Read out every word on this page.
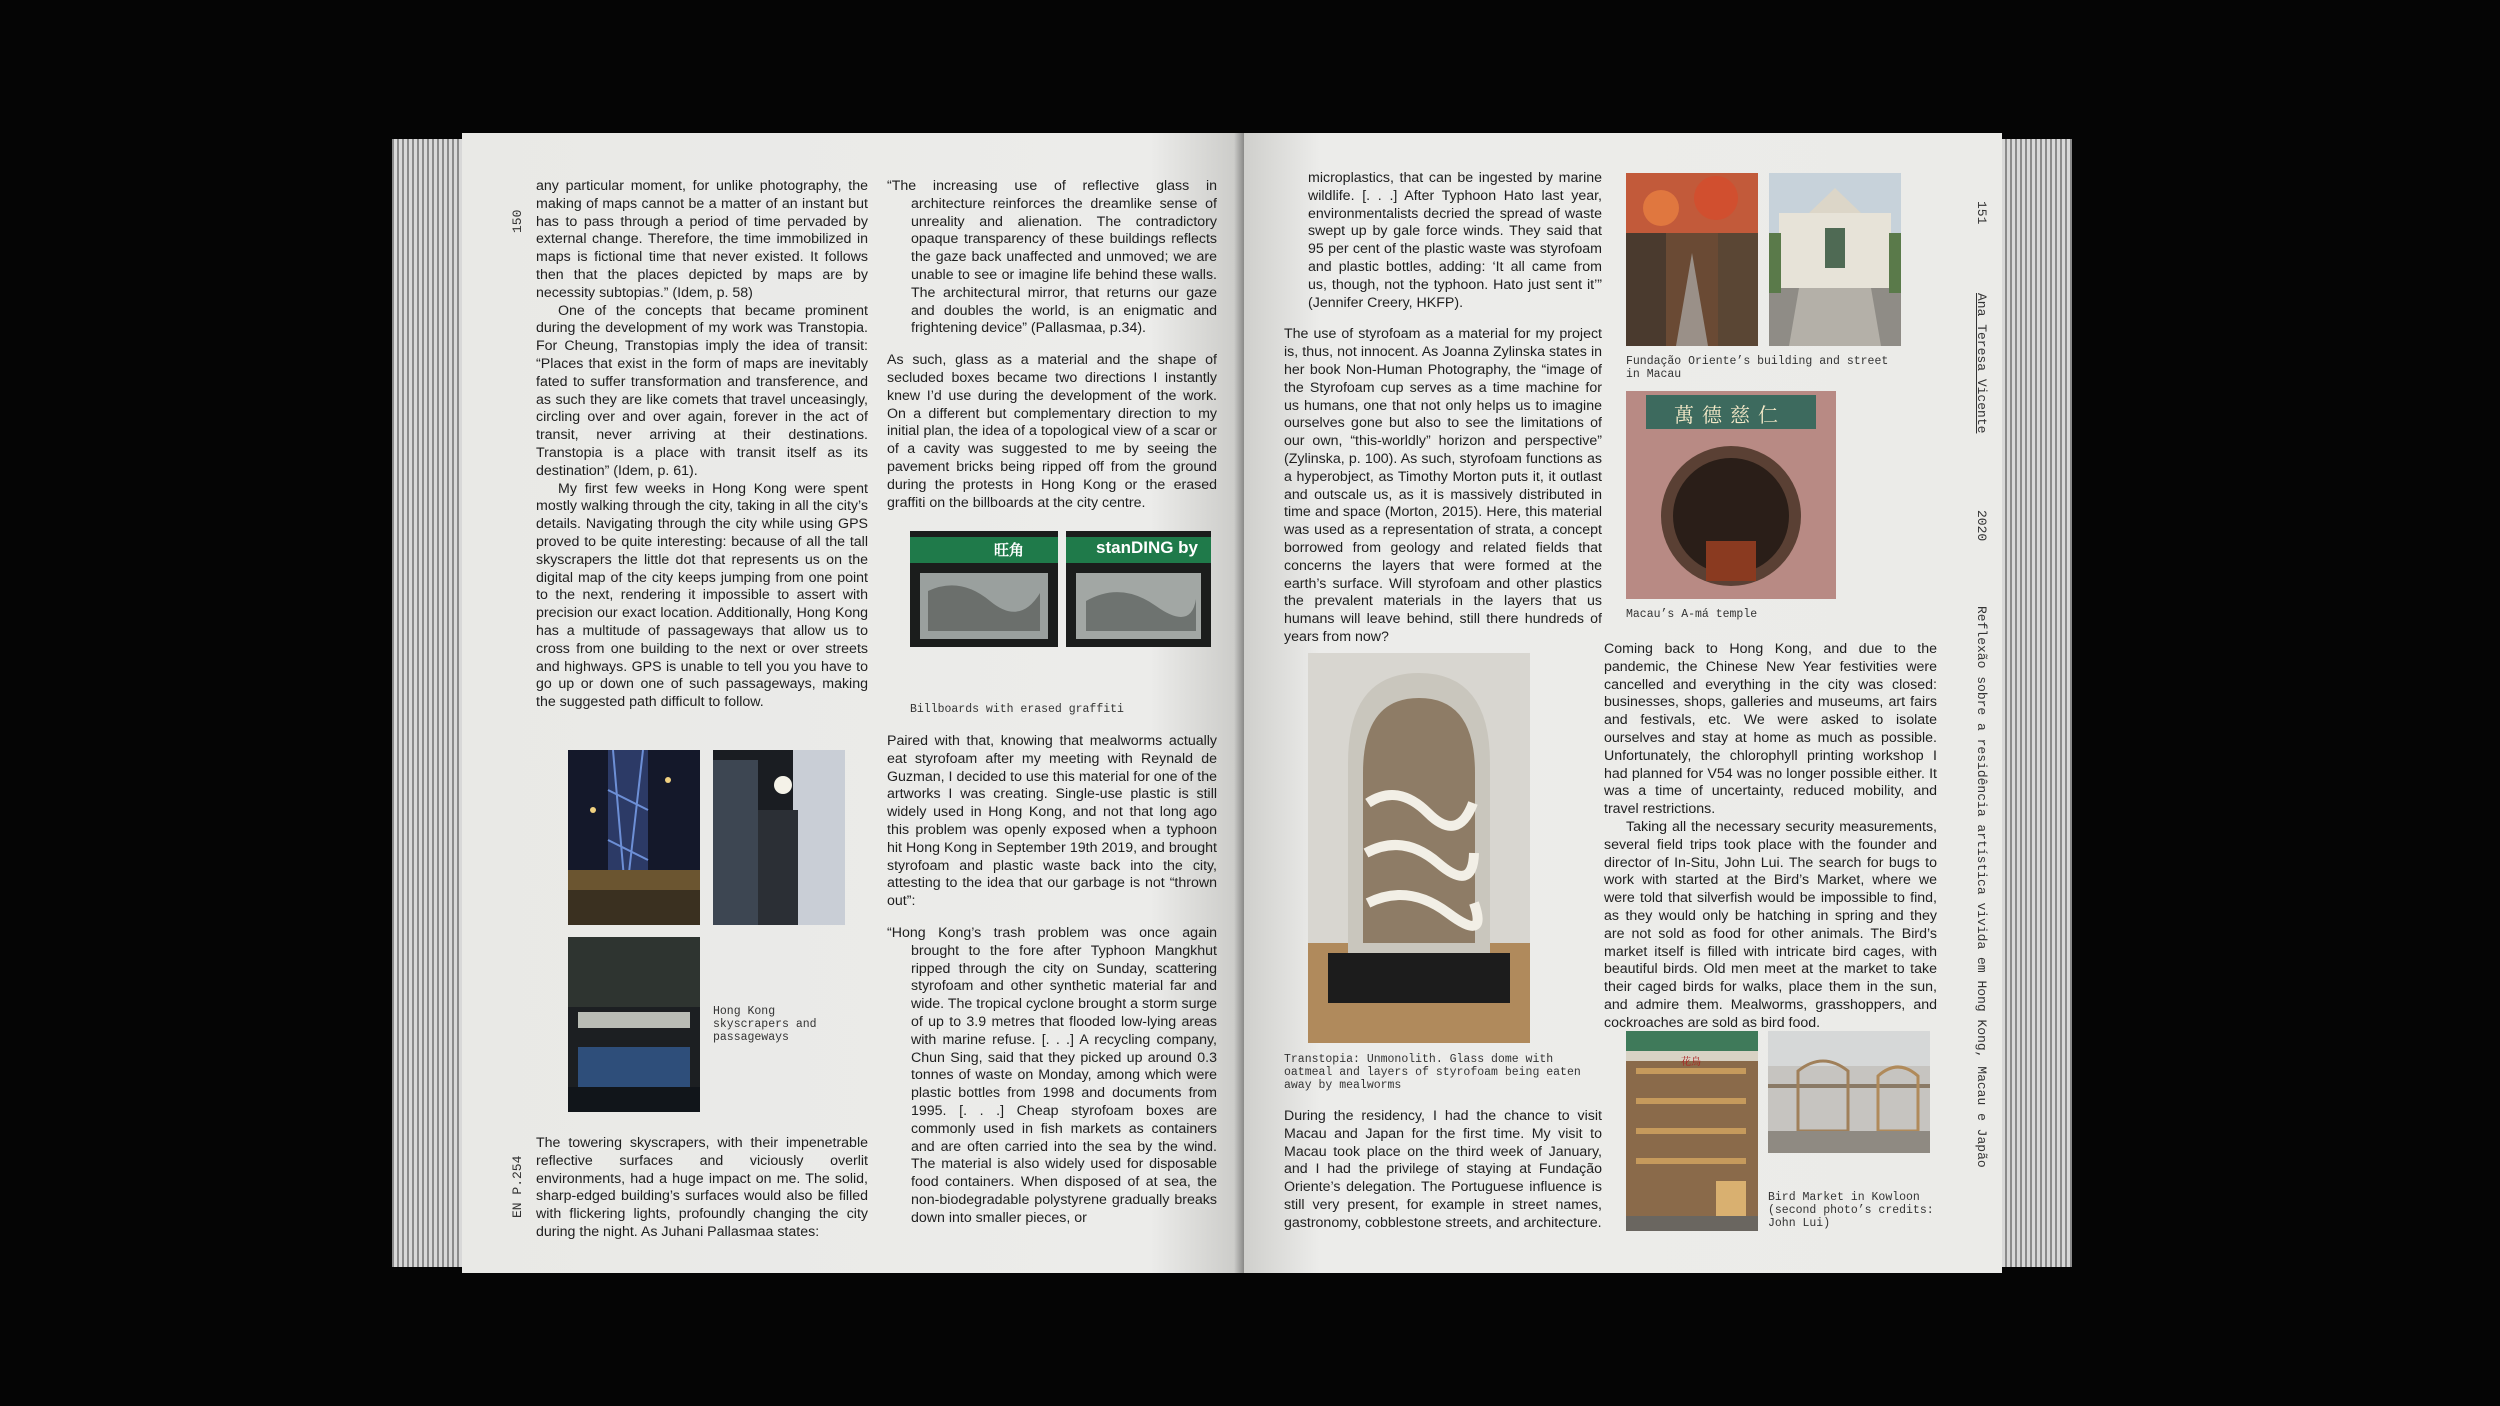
150
EN P.254

any particular moment, for unlike photography, the making of maps cannot be a matter of an instant but has to pass through a period of time pervaded by external change. Therefore, the time immobilized in maps is fictional time that never existed. It follows then that the places depicted by maps are by necessity subtopias.” (Idem, p. 58)

One of the concepts that became prominent during the development of my work was Transtopia. For Cheung, Transtopias imply the idea of transit: “Places that exist in the form of maps are inevitably fated to suffer transformation and transference, and as such they are like comets that travel unceasingly, circling over and over again, forever in the act of transit, never arriving at their destinations. Transtopia is a place with transit itself as its destination” (Idem, p. 61).

My first few weeks in Hong Kong were spent mostly walking through the city, taking in all the city’s details. Navigating through the city while using GPS proved to be quite interesting: because of all the tall skyscrapers the little dot that represents us on the digital map of the city keeps jumping from one point to the next, rendering it impossible to assert with precision our exact location. Additionally, Hong Kong has a multitude of passageways that allow us to cross from one building to the next or over streets and highways. GPS is unable to tell you you have to go up or down one of such passageways, making the suggested path difficult to follow.

Hong Kong skyscrapers and passageways

The towering skyscrapers, with their impenetrable reflective surfaces and viciously overlit environments, had a huge impact on me. The solid, sharp-edged building’s surfaces would also be filled with flickering lights, profoundly changing the city during the night. As Juhani Pallasmaa states:

“The increasing use of reflective glass in architecture reinforces the dreamlike sense of unreality and alienation. The contradictory opaque transparency of these buildings reflects the gaze back unaffected and unmoved; we are unable to see or imagine life behind these walls. The architectural mirror, that returns our gaze and doubles the world, is an enigmatic and frightening device” (Pallasmaa, p.34).

As such, glass as a material and the shape of secluded boxes became two directions I instantly knew I’d use during the development of the work. On a different but complementary direction to my initial plan, the idea of a topological view of a scar or of a cavity was suggested to me by seeing the pavement bricks being ripped off from the ground during the protests in Hong Kong or the erased graffiti on the billboards at the city centre.

旺角	stanDING by
Billboards with erased graffiti

Paired with that, knowing that mealworms actually eat styrofoam after my meeting with Reynald de Guzman, I decided to use this material for one of the artworks I was creating. Single-use plastic is still widely used in Hong Kong, and not that long ago this problem was openly exposed when a typhoon hit Hong Kong in September 19th 2019, and brought styrofoam and plastic waste back into the city, attesting to the idea that our garbage is not “thrown out”:

“Hong Kong’s trash problem was once again brought to the fore after Typhoon Mangkhut ripped through the city on Sunday, scattering styrofoam and other synthetic material far and wide. The tropical cyclone brought a storm surge of up to 3.9 metres that flooded low-lying areas with marine refuse. [. . .] A recycling company, Chun Sing, said that they picked up around 0.3 tonnes of waste on Monday, among which were plastic bottles from 1998 and documents from 1995. [. . .] Cheap styrofoam boxes are commonly used in fish markets as containers and are often carried into the sea by the wind. The material is also widely used for disposable food containers. When disposed of at sea, the non-biodegradable polystyrene gradually breaks down into smaller pieces, or

microplastics, that can be ingested by marine wildlife. [. . .] After Typhoon Hato last year, environmentalists decried the spread of waste swept up by gale force winds. They said that 95 per cent of the plastic waste was styrofoam and plastic bottles, adding: ‘It all came from us, though, not the typhoon. Hato just sent it’” (Jennifer Creery, HKFP).

The use of styrofoam as a material for my project is, thus, not innocent. As Joanna Zylinska states in her book Non-Human Photography, the “image of the Styrofoam cup serves as a time machine for us humans, one that not only helps us to imagine ourselves gone but also to see the limitations of our own, “this-worldly” horizon and perspective” (Zylinska, p. 100). As such, styrofoam functions as a hyperobject, as Timothy Morton puts it, it outlast and outscale us, as it is massively distributed in time and space (Morton, 2015). Here, this material was used as a representation of strata, a concept borrowed from geology and related fields that concerns the layers that were formed at the earth’s surface. Will styrofoam and other plastics the prevalent materials in the layers that us humans will leave behind, still there hundreds of years from now?

Transtopia: Unmonolith. Glass dome with oatmeal and layers of styrofoam being eaten away by mealworms

During the residency, I had the chance to visit Macau and Japan for the first time. My visit to Macau took place on the third week of January, and I had the privilege of staying at Fundação Oriente’s delegation. The Portuguese influence is still very present, for example in street names, gastronomy, cobblestone streets, and architecture.

Fundação Oriente’s building and street in Macau
萬德慈仁
Macau’s A-má temple

Coming back to Hong Kong, and due to the pandemic, the Chinese New Year festivities were cancelled and everything in the city was closed: businesses, shops, galleries and museums, art fairs and festivals, etc. We were asked to isolate ourselves and stay at home as much as possible. Unfortunately, the chlorophyll printing workshop I had planned for V54 was no longer possible either. It was a time of uncertainty, reduced mobility, and travel restrictions.

Taking all the necessary security measurements, several field trips took place with the founder and director of In-Situ, John Lui. The search for bugs to work with started at the Bird’s Market, where we were told that silverfish would be impossible to find, as they would only be hatching in spring and they are not sold as food for other animals. The Bird’s market itself is filled with intricate bird cages, with beautiful birds. Old men meet at the market to take their caged birds for walks, place them in the sun, and admire them. Mealworms, grasshoppers, and cockroaches are sold as bird food.

花鳥
Bird Market in Kowloon (second photo’s credits: John Lui)
151
Ana Teresa Vicente
2020
Reflexão sobre a residência artística vivida em Hong Kong, Macau e Japão
